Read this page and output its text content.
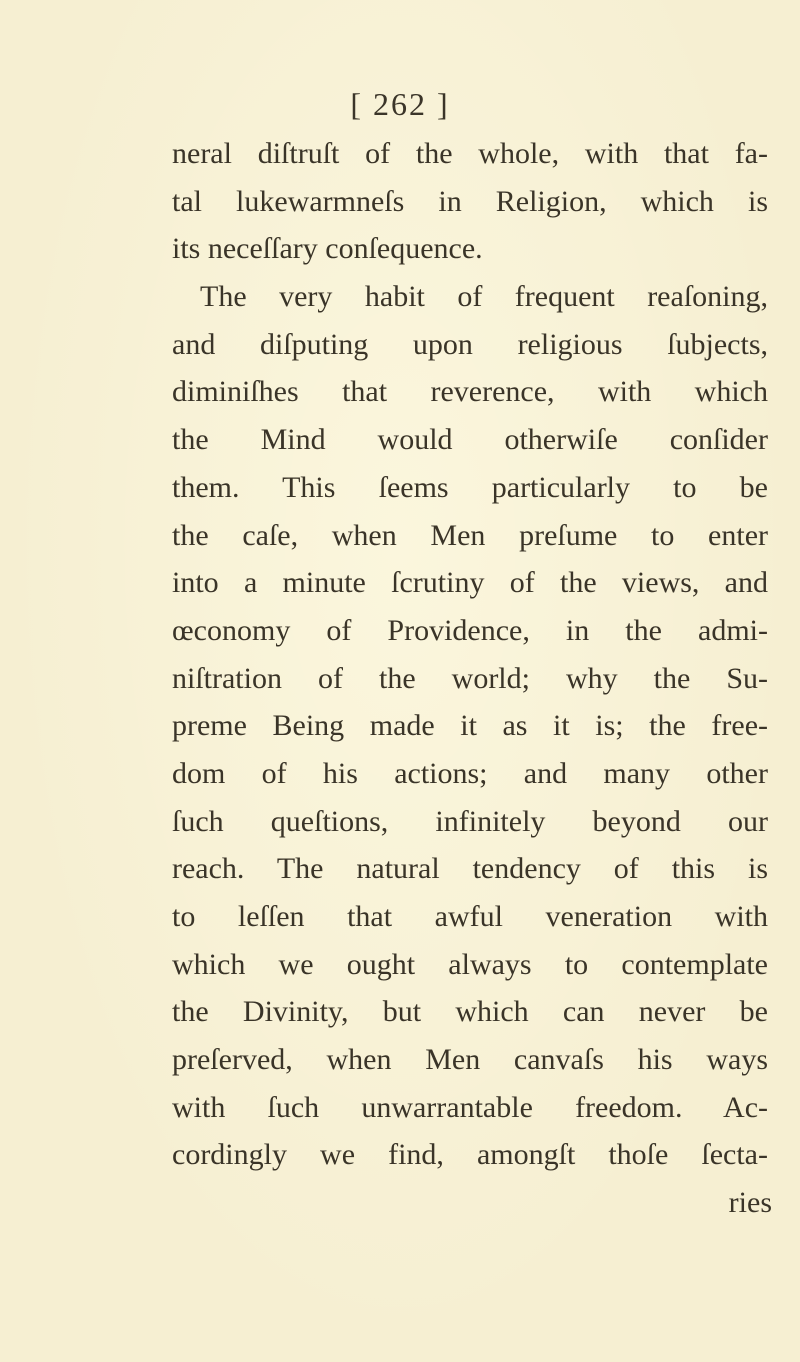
[ 262 ]
neral diſtruſt of the whole, with that fa-
tal lukewarmneſs in Religion, which is
its neceſſary conſequence.
The very habit of frequent reaſoning,
and diſputing upon religious ſubjects,
diminiſhes that reverence, with which
the Mind would otherwiſe conſider
them. This ſeems particularly to be
the caſe, when Men preſume to enter
into a minute ſcrutiny of the views, and
œconomy of Providence, in the admi-
niſtration of the world; why the Su-
preme Being made it as it is; the free-
dom of his actions; and many other
ſuch queſtions, infinitely beyond our
reach. The natural tendency of this is
to leſſen that awful veneration with
which we ought always to contemplate
the Divinity, but which can never be
preſerved, when Men canvaſs his ways
with ſuch unwarrantable freedom. Ac-
cordingly we find, amongſt thoſe ſecta-
ries
